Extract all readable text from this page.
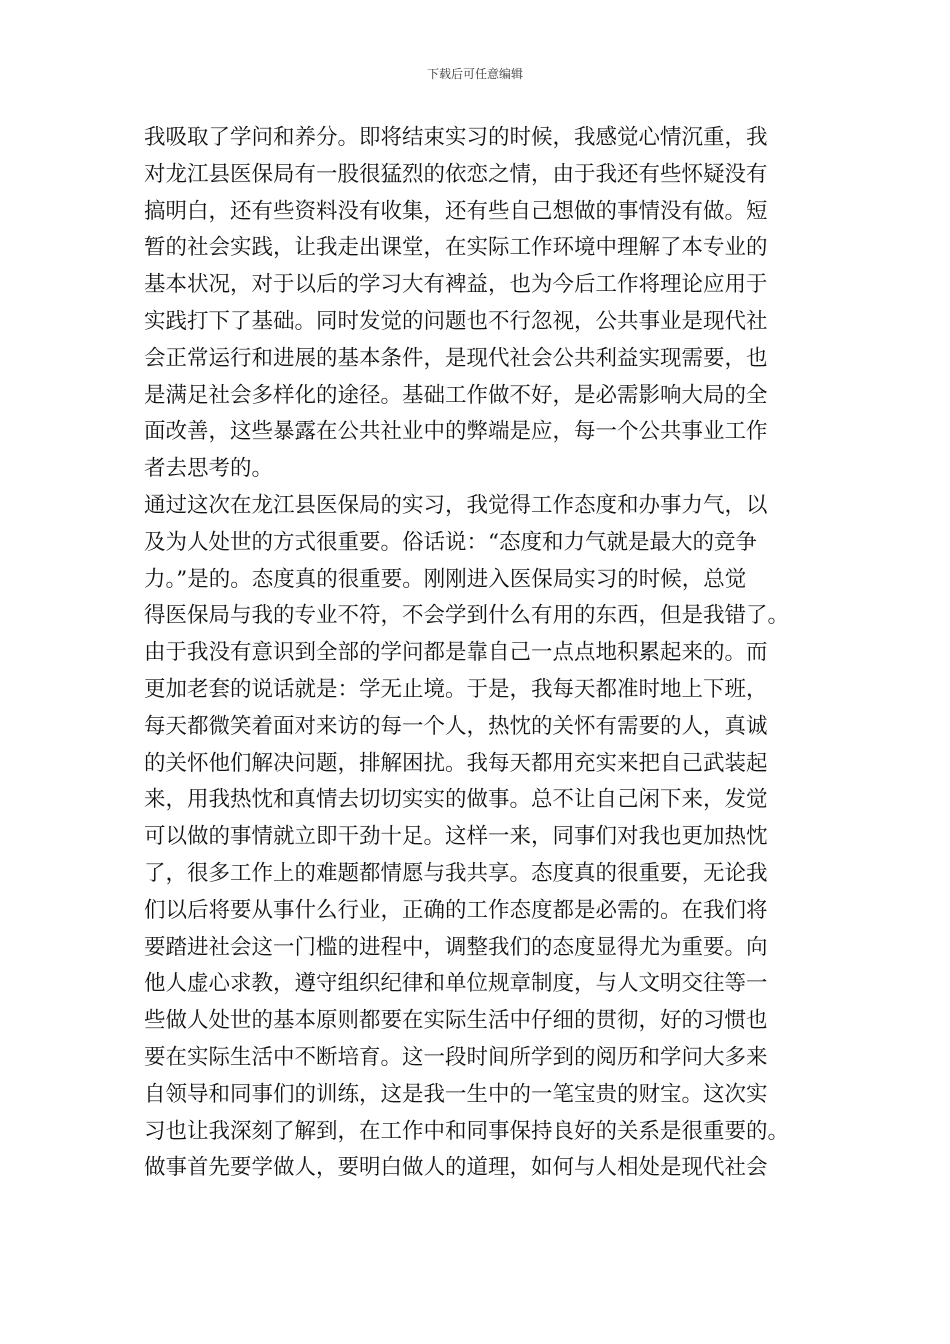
下载后可任意编辑
我吸取了学问和养分。即将结束实习的时候，我感觉心情沉重，我
对龙江县医保局有一股很猛烈的依恋之情，由于我还有些怀疑没有
搞明白，还有些资料没有收集，还有些自己想做的事情没有做。短
暂的社会实践，让我走出课堂，在实际工作环境中理解了本专业的
基本状况，对于以后的学习大有裨益，也为今后工作将理论应用于
实践打下了基础。同时发觉的问题也不行忽视，公共事业是现代社
会正常运行和进展的基本条件，是现代社会公共利益实现需要，也
是满足社会多样化的途径。基础工作做不好，是必需影响大局的全
面改善，这些暴露在公共社业中的弊端是应，每一个公共事业工作
者去思考的。
通过这次在龙江县医保局的实习，我觉得工作态度和办事力气，以
及为人处世的方式很重要。俗话说：“态度和力气就是最大的竞争
力。”是的。态度真的很重要。刚刚进入医保局实习的时候，总觉
得医保局与我的专业不符，不会学到什么有用的东西，但是我错了。
由于我没有意识到全部的学问都是靠自己一点点地积累起来的。而
更加老套的说话就是：学无止境。于是，我每天都准时地上下班，
每天都微笑着面对来访的每一个人，热忱的关怀有需要的人，真诚
的关怀他们解决问题，排解困扰。我每天都用充实来把自己武装起
来，用我热忱和真情去切切实实的做事。总不让自己闲下来，发觉
可以做的事情就立即干劲十足。这样一来，同事们对我也更加热忱
了，很多工作上的难题都情愿与我共享。态度真的很重要，无论我
们以后将要从事什么行业，正确的工作态度都是必需的。在我们将
要踏进社会这一门槛的进程中，调整我们的态度显得尤为重要。向
他人虚心求教，遵守组织纪律和单位规章制度，与人文明交往等一
些做人处世的基本原则都要在实际生活中仔细的贯彻，好的习惯也
要在实际生活中不断培育。这一段时间所学到的阅历和学问大多来
自领导和同事们的训练，这是我一生中的一笔宝贵的财宝。这次实
习也让我深刻了解到，在工作中和同事保持良好的关系是很重要的。
做事首先要学做人，要明白做人的道理，如何与人相处是现代社会
